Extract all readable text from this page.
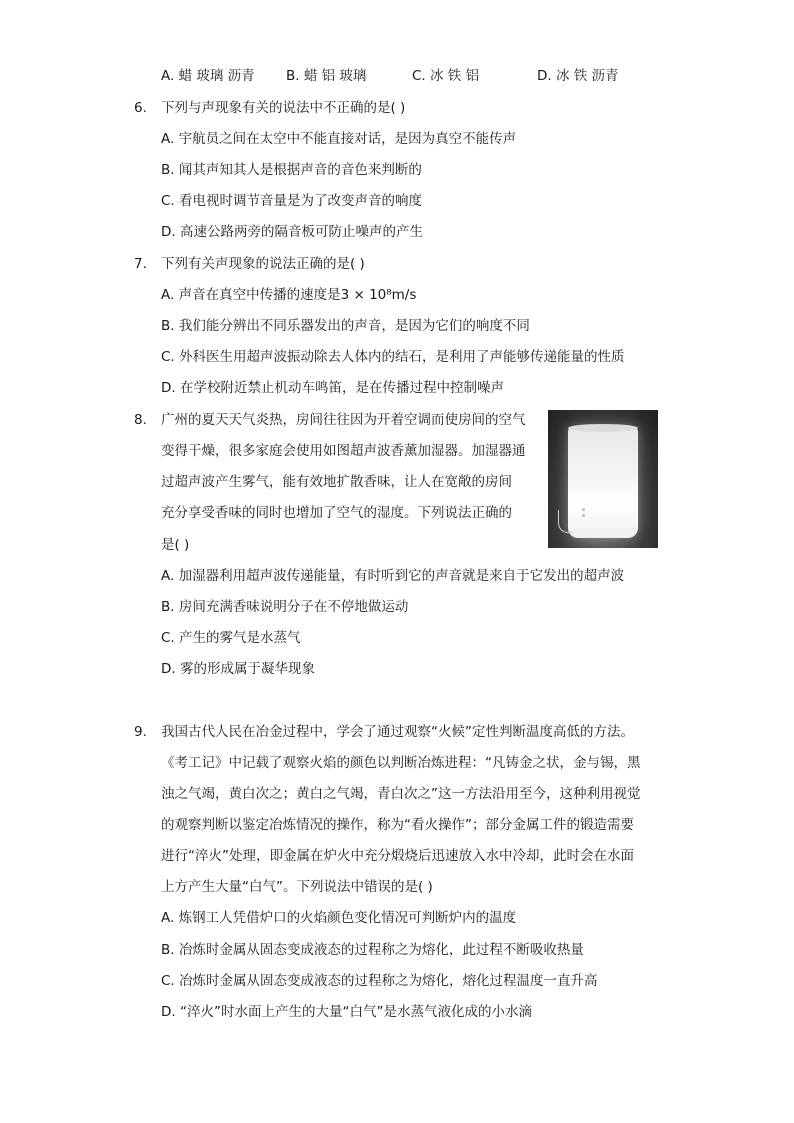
A. 蜡 玻璃 沥青 B. 蜡 铝 玻璃	C. 冰 铁 铝	D. 冰 铁 沥青
6. 下列与声现象有关的说法中不正确的是( )
A. 宇航员之间在太空中不能直接对话，是因为真空不能传声
B. 闻其声知其人是根据声音的音色来判断的
C. 看电视时调节音量是为了改变声音的响度
D. 高速公路两旁的隔音板可防止噪声的产生
7. 下列有关声现象的说法正确的是( )
A. 声音在真空中传播的速度是3 × 10⁸m/s
B. 我们能分辨出不同乐器发出的声音，是因为它们的响度不同
C. 外科医生用超声波振动除去人体内的结石，是利用了声能够传递能量的性质
D. 在学校附近禁止机动车鸣笛，是在传播过程中控制噪声
8. 广州的夏天天气炎热，房间往往因为开着空调而使房间的空气
变得干燥，很多家庭会使用如图超声波香薰加湿器。加湿器通
过超声波产生雾气，能有效地扩散香味，让人在宽敞的房间
充分享受香味的同时也增加了空气的湿度。下列说法正确的
是( )
A. 加湿器利用超声波传递能量，有时听到它的声音就是来自于它发出的超声波
B. 房间充满香味说明分子在不停地做运动
C. 产生的雾气是水蒸气
D. 雾的形成属于凝华现象
9. 我国古代人民在冶金过程中，学会了通过观察“火候”定性判断温度高低的方法。
《考工记》中记载了观察火焰的颜色以判断冶炼进程：“凡铸金之状，金与锡，黑
浊之气竭，黄白次之；黄白之气竭，青白次之”这一方法沿用至今，这种利用视觉
的观察判断以鉴定冶炼情况的操作，称为“看火操作”；部分金属工件的锻造需要
进行“淬火”处理，即金属在炉火中充分煅烧后迅速放入水中冷却，此时会在水面
上方产生大量“白气”。下列说法中错误的是( )
A. 炼钢工人凭借炉口的火焰颜色变化情况可判断炉内的温度
B. 冶炼时金属从固态变成液态的过程称之为熔化，此过程不断吸收热量
C. 冶炼时金属从固态变成液态的过程称之为熔化，熔化过程温度一直升高
D. “淬火”时水面上产生的大量“白气”是水蒸气液化成的小水滴
